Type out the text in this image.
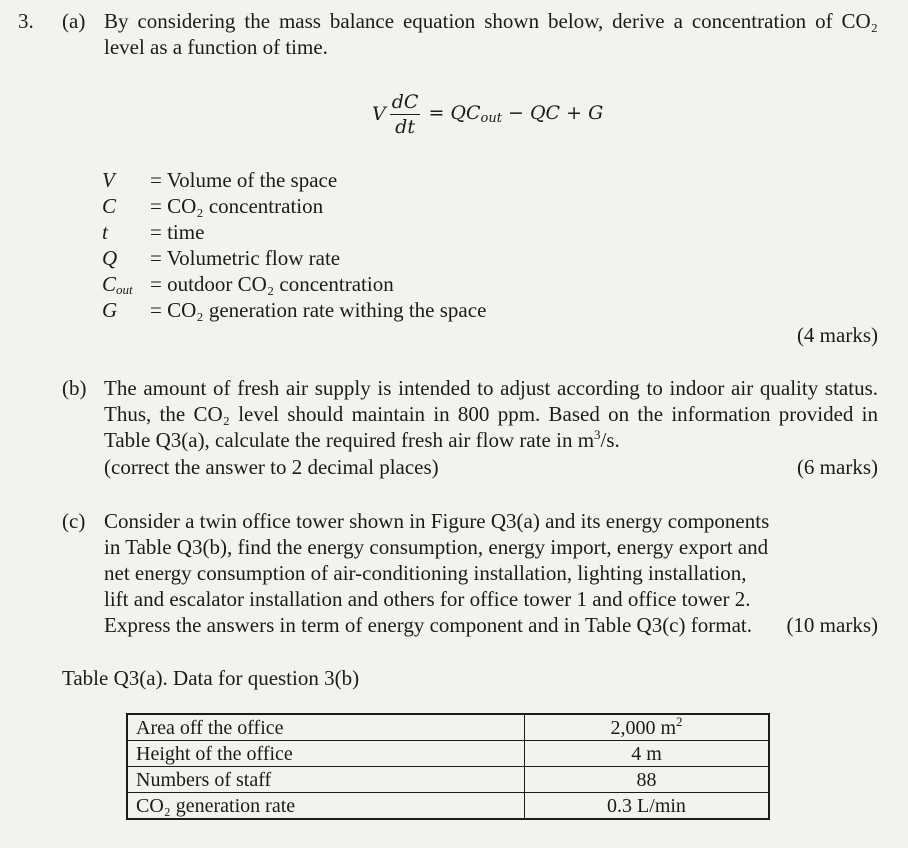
3. (a) By considering the mass balance equation shown below, derive a concentration of CO₂ level as a function of time.
V $\frac{dC}{dt} = QC_{out}$ − QC + G
V	= Volume of the space
C	= CO₂ concentration
t	= time
Q	= Volumetric flow rate
$C_{out}$ = outdoor CO₂ concentration
G	= CO₂ generation rate withing the space
(4 marks)
(b) The amount of fresh air supply is intended to adjust according to indoor air quality status. Thus, the CO₂ level should maintain in 800 ppm. Based on the information provided in Table Q3(a), calculate the required fresh air flow rate in $m^3/s$.
(correct the answer to 2 decimal places)	(6 marks)
(c) Consider a twin office tower shown in Figure Q3(a) and its energy components in Table Q3(b), find the energy consumption, energy import, energy export and net energy consumption of air-conditioning installation, lighting installation, lift and escalator installation and others for office tower 1 and office tower 2. Express the answers in term of energy component and in Table Q3(c) format.	(10 marks)
Table Q3(a). Data for question 3(b)
Area off the office	2,000 $m^2$
Height of the office	4 m
Numbers of staff	88
CO₂ generation rate	0.3 L/min
